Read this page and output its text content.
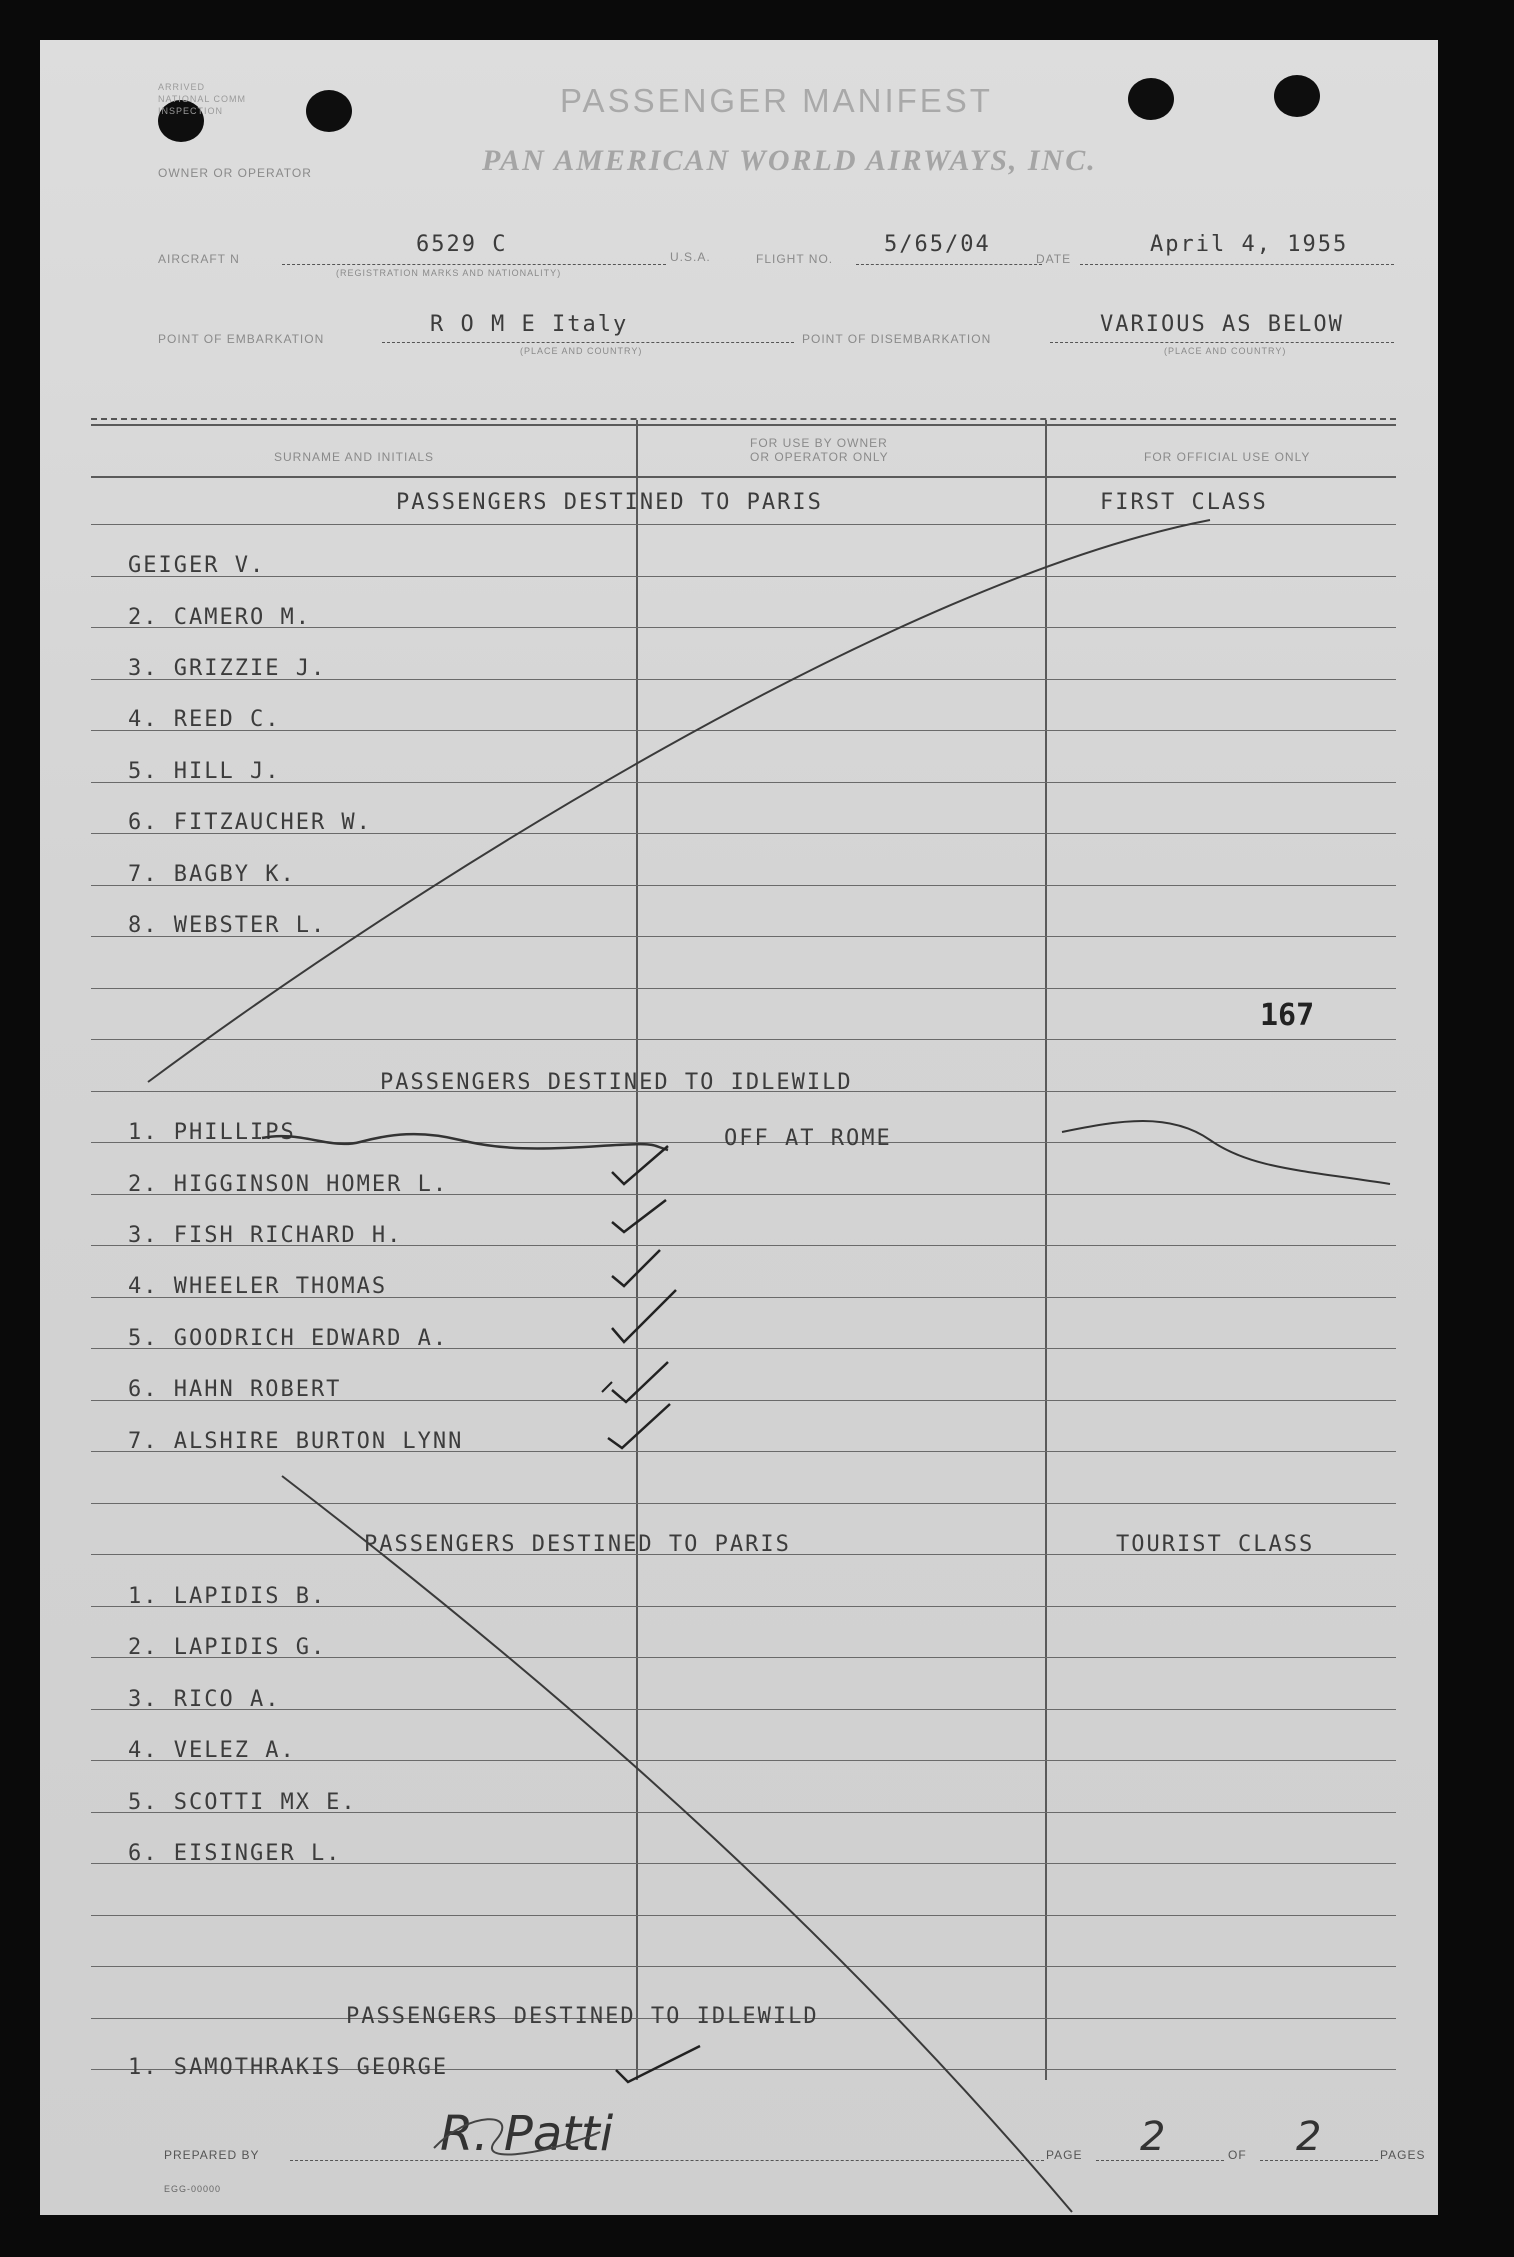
ARRIVED
NATIONAL COMM
INSPECTION	PASSENGER MANIFEST
PAN AMERICAN WORLD AIRWAYS, INC.
OWNER OR OPERATOR
AIRCRAFT N
6529 C
(REGISTRATION MARKS AND NATIONALITY)
U.S.A.	FLIGHT NO.
5/65/04
DATE
April 4, 1955
POINT OF EMBARKATION
R O M E Italy
(PLACE AND COUNTRY)
POINT OF DISEMBARKATION
VARIOUS AS BELOW
(PLACE AND COUNTRY)
SURNAME AND INITIALS
FOR USE BY OWNER
OR OPERATOR ONLY	FOR OFFICIAL USE ONLY
PASSENGERS DESTINED TO PARIS	FIRST CLASS
GEIGER V.
2. CAMERO M.
3. GRIZZIE J.
4. REED C.
5. HILL J.
6. FITZAUCHER W.
7. BAGBY K.
8. WEBSTER L.
167
PASSENGERS DESTINED TO IDLEWILD
1. PHILLIPS	OFF AT ROME
2. HIGGINSON HOMER L.
3. FISH RICHARD H.
4. WHEELER THOMAS
5. GOODRICH EDWARD A.
6. HAHN ROBERT
7. ALSHIRE BURTON LYNN
PASSENGERS DESTINED TO PARIS	TOURIST CLASS
1. LAPIDIS B.
2. LAPIDIS G.
3. RICO A.
4. VELEZ A.
5. SCOTTI MX E.
6. EISINGER L.
PASSENGERS DESTINED TO IDLEWILD
1. SAMOTHRAKIS GEORGE
PREPARED BY
EGG-00000
R. Patti	PAGE 2	OF 2	PAGES
